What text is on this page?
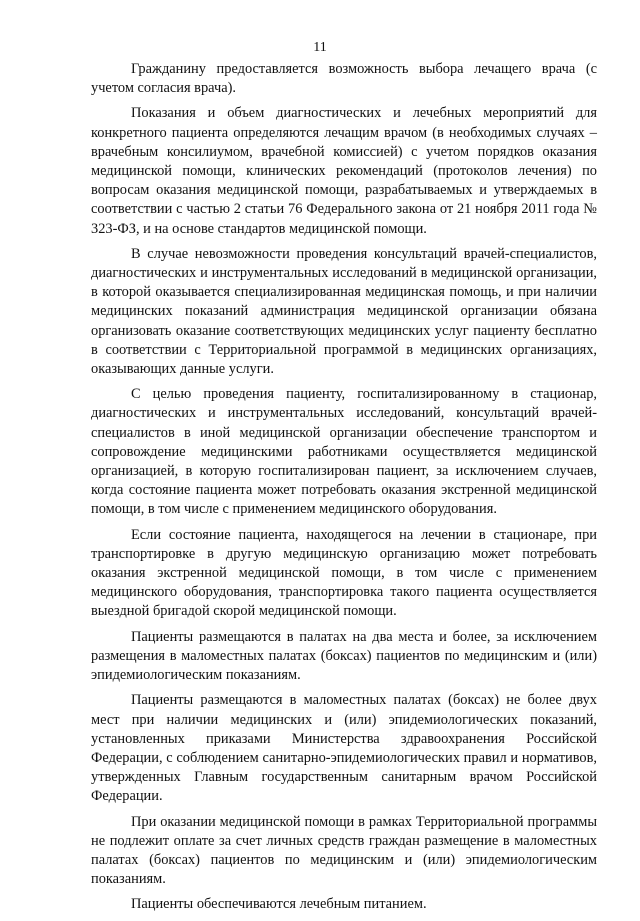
11

Гражданину предоставляется возможность выбора лечащего врача (с учетом согласия врача).

Показания и объем диагностических и лечебных мероприятий для конкретного пациента определяются лечащим врачом (в необходимых случаях – врачебным консилиумом, врачебной комиссией) с учетом порядков оказания медицинской помощи, клинических рекомендаций (протоколов лечения) по вопросам оказания медицинской помощи, разрабатываемых и утверждаемых в соответствии с частью 2 статьи 76 Федерального закона от 21 ноября 2011 года № 323-ФЗ, и на основе стандартов медицинской помощи.

В случае невозможности проведения консультаций врачей-специалистов, диагностических и инструментальных исследований в медицинской организации, в которой оказывается специализированная медицинская помощь, и при наличии медицинских показаний администрация медицинской организации обязана организовать оказание соответствующих медицинских услуг пациенту бесплатно в соответствии с Территориальной программой в медицинских организациях, оказывающих данные услуги.

С целью проведения пациенту, госпитализированному в стационар, диагностических и инструментальных исследований, консультаций врачей-специалистов в иной медицинской организации обеспечение транспортом и сопровождение медицинскими работниками осуществляется медицинской организацией, в которую госпитализирован пациент, за исключением случаев, когда состояние пациента может потребовать оказания экстренной медицинской помощи, в том числе с применением медицинского оборудования.

Если состояние пациента, находящегося на лечении в стационаре, при транспортировке в другую медицинскую организацию может потребовать оказания экстренной медицинской помощи, в том числе с применением медицинского оборудования, транспортировка такого пациента осуществляется выездной бригадой скорой медицинской помощи.

Пациенты размещаются в палатах на два места и более, за исключением размещения в маломестных палатах (боксах) пациентов по медицинским и (или) эпидемиологическим показаниям.

Пациенты размещаются в маломестных палатах (боксах) не более двух мест при наличии медицинских и (или) эпидемиологических показаний, установленных приказами Министерства здравоохранения Российской Федерации, с соблюдением санитарно-эпидемиологических правил и нормативов, утвержденных Главным государственным санитарным врачом Российской Федерации.

При оказании медицинской помощи в рамках Территориальной программы не подлежит оплате за счет личных средств граждан размещение в маломестных палатах (боксах) пациентов по медицинским и (или) эпидемиологическим показаниям.

Пациенты обеспечиваются лечебным питанием.
